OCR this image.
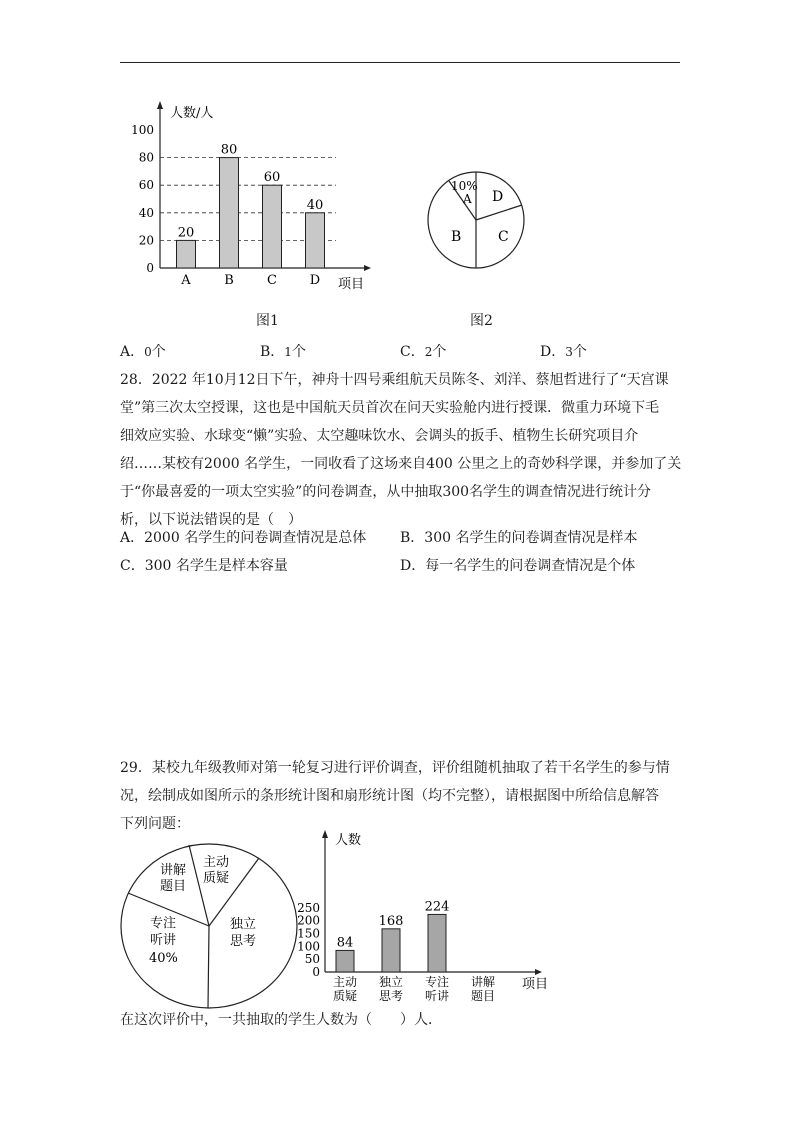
人数/人
项目
0
20
40
60
80
100
20
A
80
B
60
C
40
D
图1
10%
A D
C
B
图2
A．0个	B．1个	C．2个	D．3个
28．2022 年10月12日下午，神舟十四号乘组航天员陈冬、刘洋、蔡旭哲进行了“天宫课
堂”第三次太空授课，这也是中国航天员首次在问天实验舱内进行授课．微重力环境下毛
细效应实验、水球变“懒”实验、太空趣味饮水、会调头的扳手、植物生长研究项目介
绍……某校有2000 名学生，一同收看了这场来自400 公里之上的奇妙科学课，并参加了关
于“你最喜爱的一项太空实验”的问卷调查，从中抽取300名学生的调查情况进行统计分
析，以下说法错误的是（　）
A．2000 名学生的问卷调查情况是总体 B．300 名学生的问卷调查情况是样本
C．300 名学生是样本容量	D．每一名学生的问卷调查情况是个体
29．某校九年级教师对第一轮复习进行评价调查，评价组随机抽取了若干名学生的参与情
况，绘制成如图所示的条形统计图和扇形统计图（均不完整），请根据图中所给信息解答
下列问题：
讲解
题目
主动
质疑
独立
思考
专注
听讲
40%
人数
项目
0
50
100
150
200
250
84
主动
质疑
168
独立
思考
224
专注
听讲
讲解
题目
在这次评价中，一共抽取的学生人数为（　　）人．
